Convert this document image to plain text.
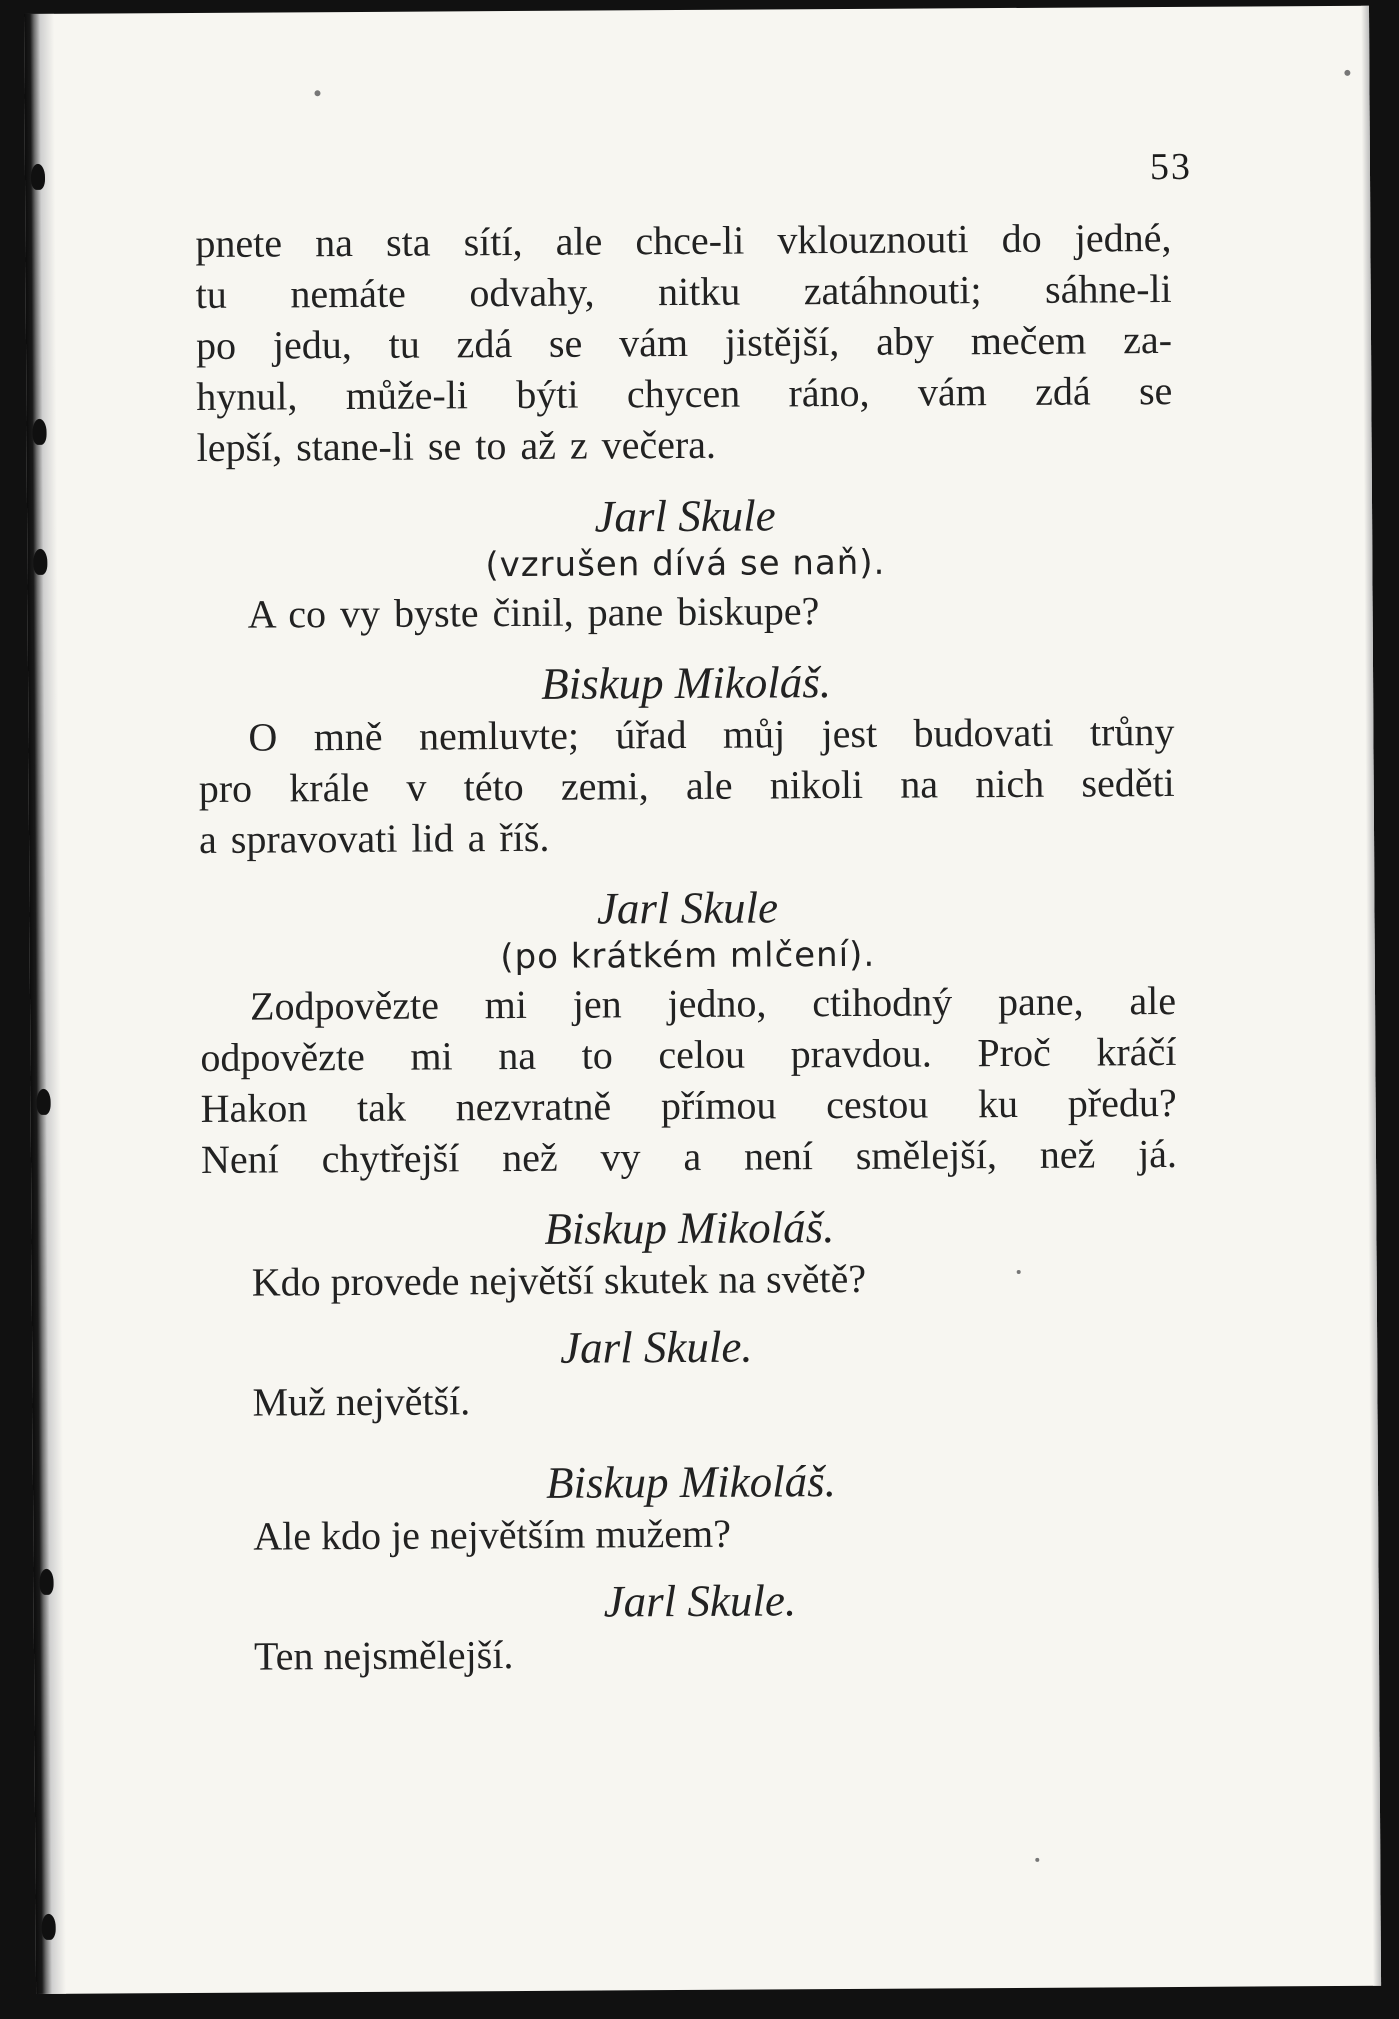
53

pnete na sta sítí, ale chce-li vklouznouti do jedné,
tu nemáte odvahy, nitku zatáhnouti; sáhne-li
po jedu, tu zdá se vám jistější, aby mečem za-
hynul, může-li býti chycen ráno, vám zdá se
lepší, stane-li se to až z večera.

Jarl Skule

(vzrušen dívá se naň).

A co vy byste činil, pane biskupe?

Biskup Mikoláš.

O mně nemluvte; úřad můj jest budovati trůny
pro krále v této zemi, ale nikoli na nich seděti
a spravovati lid a říš.

Jarl Skule

(po krátkém mlčení).

Zodpovězte mi jen jedno, ctihodný pane, ale
odpovězte mi na to celou pravdou. Proč kráčí
Hakon tak nezvratně přímou cestou ku předu?
Není chytřejší než vy a není smělejší, než já.

Biskup Mikoláš.

Kdo provede největší skutek na světě?

Jarl Skule.

Muž největší.

Biskup Mikoláš.

Ale kdo je největším mužem?

Jarl Skule.

Ten nejsmělejší.
